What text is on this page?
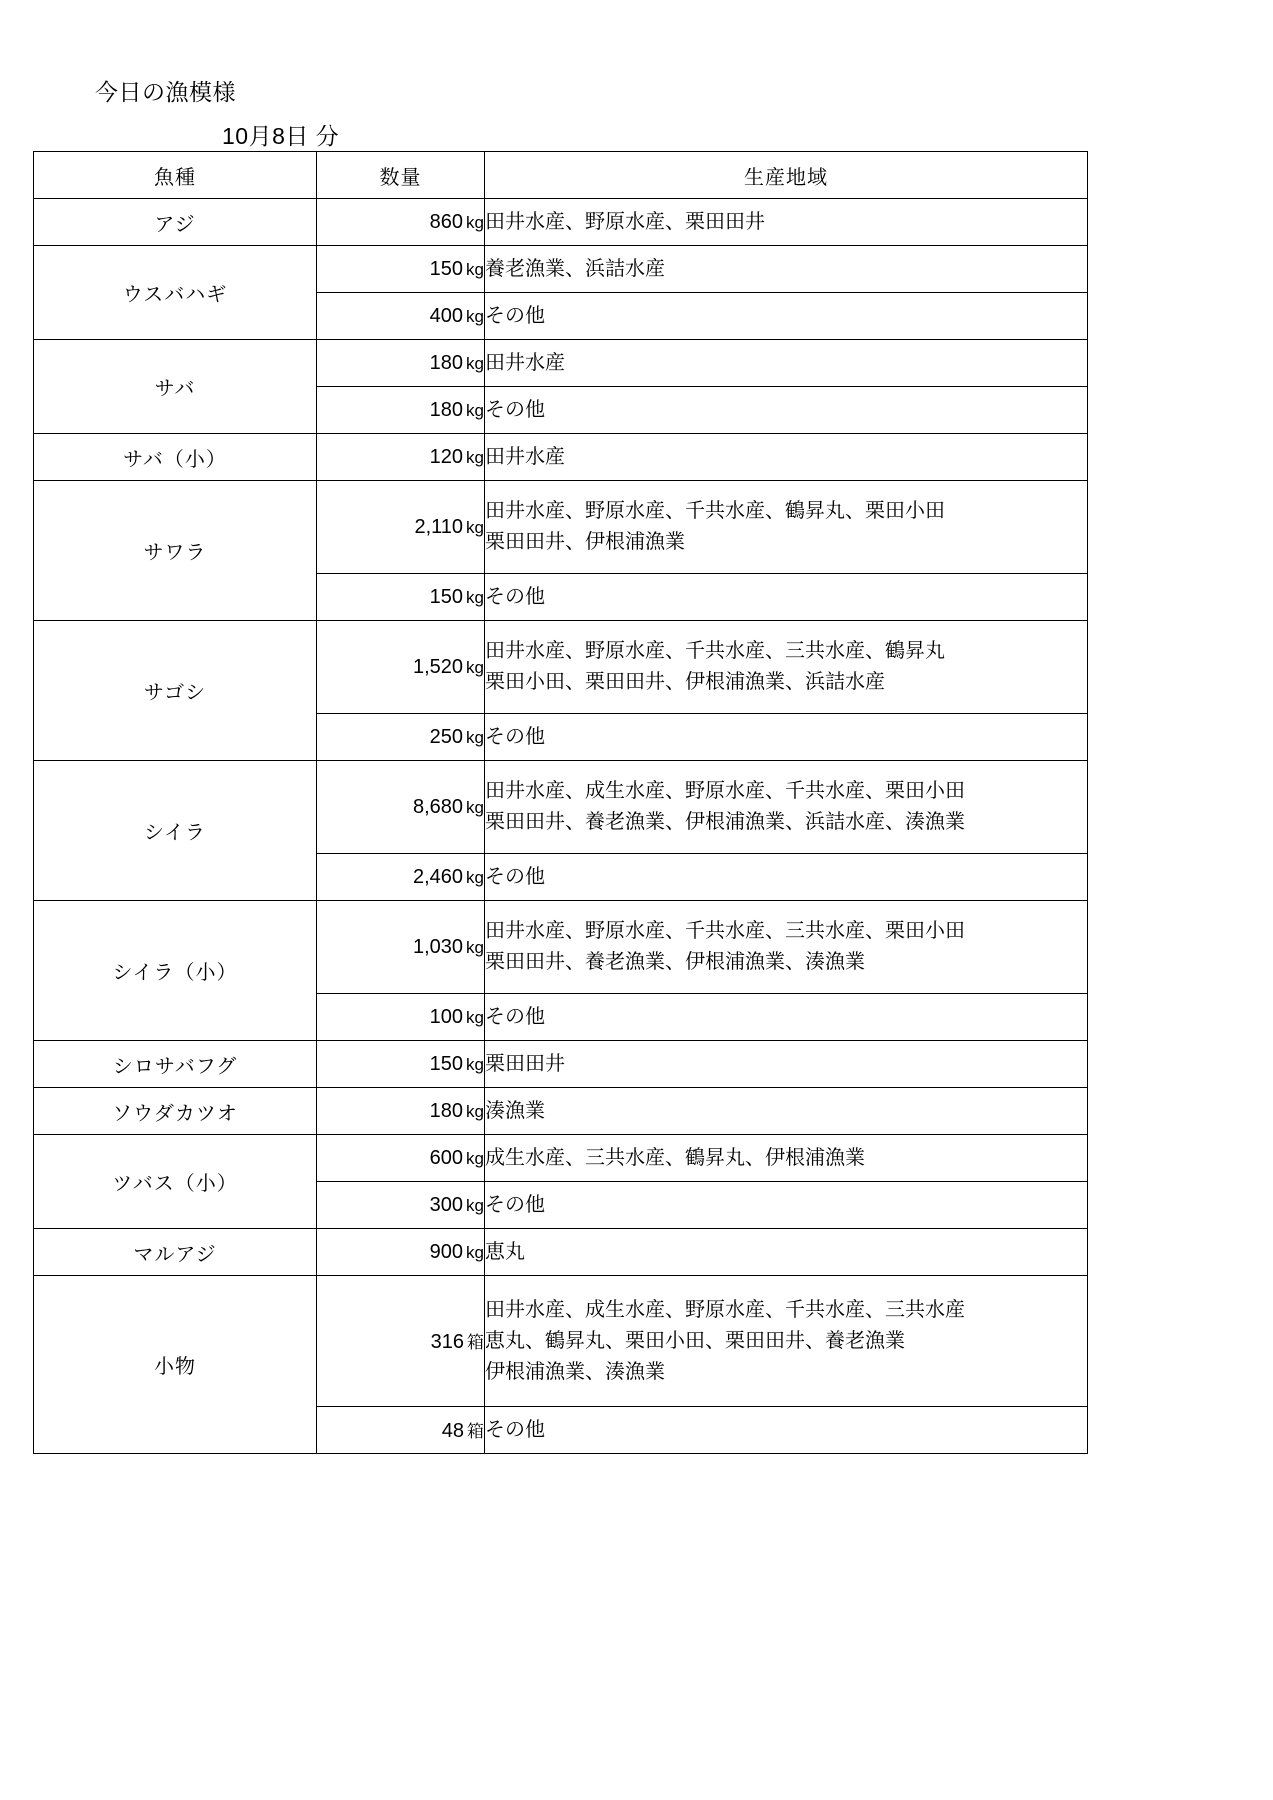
今日の漁模様
10月8日 分
魚種	数量	生産地域
アジ	860 kg	田井水産、野原水産、栗田田井

ウスバハギ	150 kg	養老漁業、浜詰水産

	400 kg	その他

サバ	180 kg	田井水産

	180 kg	その他

サバ（小）	120 kg	田井水産

サワラ	2,110 kg	田井水産、野原水産、千共水産、鶴昇丸、栗田小田
栗田田井、伊根浦漁業

	150 kg	その他

サゴシ	1,520 kg	田井水産、野原水産、千共水産、三共水産、鶴昇丸
栗田小田、栗田田井、伊根浦漁業、浜詰水産

	250 kg	その他

シイラ	8,680 kg	田井水産、成生水産、野原水産、千共水産、栗田小田
栗田田井、養老漁業、伊根浦漁業、浜詰水産、湊漁業

	2,460 kg	その他

シイラ（小）	1,030 kg	田井水産、野原水産、千共水産、三共水産、栗田小田
栗田田井、養老漁業、伊根浦漁業、湊漁業

	100 kg	その他

シロサバフグ	150 kg	栗田田井

ソウダカツオ	180 kg	湊漁業

ツバス（小）	600 kg	成生水産、三共水産、鶴昇丸、伊根浦漁業

	300 kg	その他

マルアジ	900 kg	恵丸

小物	316 箱	田井水産、成生水産、野原水産、千共水産、三共水産
恵丸、鶴昇丸、栗田小田、栗田田井、養老漁業
伊根浦漁業、湊漁業

	48 箱	その他
